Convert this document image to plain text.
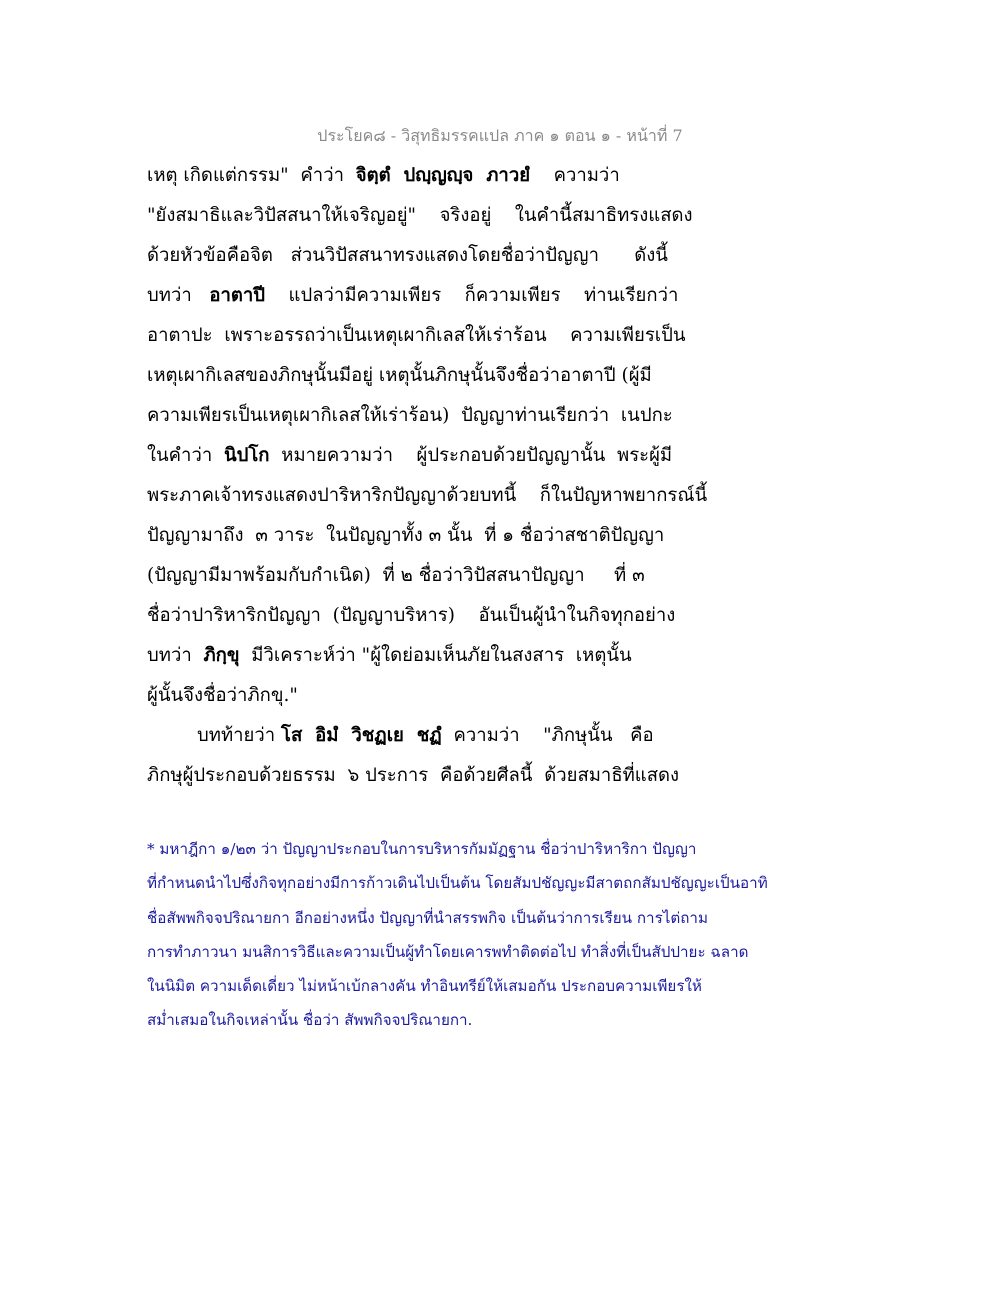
ประโยค๘ - วิสุทธิมรรคแปล ภาค ๑ ตอน ๑ - หน้าที่ 7
เหตุ เกิดแต่กรรม"  คำว่า จิตฺตํ  ปญฺญญฺจ  ภาวยํ ความว่า
"ยังสมาธิและวิปัสสนาให้เจริญอยู่"    จริงอยู่    ในคำนี้สมาธิทรงแสดง
ด้วยหัวข้อคือจิต   ส่วนวิปัสสนาทรงแสดงโดยชื่อว่าปัญญา      ดังนี้
บทว่า อาตาปี แปลว่ามีความเพียร    ก็ความเพียร    ท่านเรียกว่า
อาตาปะ  เพราะอรรถว่าเป็นเหตุเผากิเลสให้เร่าร้อน    ความเพียรเป็น
เหตุเผากิเลสของภิกษุนั้นมีอยู่ เหตุนั้นภิกษุนั้นจึงชื่อว่าอาตาปี (ผู้มี
ความเพียรเป็นเหตุเผากิเลสให้เร่าร้อน)  ปัญญาท่านเรียกว่า  เนปกะ
ในคำว่า นิปโก หมายความว่า    ผู้ประกอบด้วยปัญญานั้น  พระผู้มี
พระภาคเจ้าทรงแสดงปาริหาริกปัญญาด้วยบทนี้    ก็ในปัญหาพยากรณ์นี้
ปัญญามาถึง  ๓ วาระ  ในปัญญาทั้ง ๓ นั้น  ที่ ๑ ชื่อว่าสชาติปัญญา
(ปัญญามีมาพร้อมกับกำเนิด)  ที่ ๒ ชื่อว่าวิปัสสนาปัญญา     ที่ ๓
ชื่อว่าปาริหาริกปัญญา  (ปัญญาบริหาร)    อันเป็นผู้นำในกิจทุกอย่าง
บทว่า ภิกฺขุ มีวิเคราะห์ว่า "ผู้ใดย่อมเห็นภัยในสงสาร  เหตุนั้น
ผู้นั้นจึงชื่อว่าภิกขุ."
บทท้ายว่า โส  อิมํ  วิชฏเย  ชฏํ ความว่า    "ภิกษุนั้น   คือ
ภิกษุผู้ประกอบด้วยธรรม  ๖ ประการ  คือด้วยศีลนี้  ด้วยสมาธิที่แสดง
* มหาฎีกา ๑/๒๓ ว่า ปัญญาประกอบในการบริหารกัมมัฏฐาน ชื่อว่าปาริหาริกา ปัญญา
ที่กำหนดนำไปซึ่งกิจทุกอย่างมีการก้าวเดินไปเป็นต้น โดยสัมปชัญญะมีสาตถกสัมปชัญญะเป็นอาทิ
ชื่อสัพพกิจจปริณายกา อีกอย่างหนึ่ง ปัญญาที่นำสรรพกิจ เป็นต้นว่าการเรียน การไต่ถาม
การทำภาวนา มนสิการวิธีและความเป็นผู้ทำโดยเคารพทำติดต่อไป ทำสิ่งที่เป็นสัปปายะ ฉลาด
ในนิมิต ความเด็ดเดี่ยว ไม่หน้าเบ้กลางคัน ทำอินทรีย์ให้เสมอกัน ประกอบความเพียรให้
สม่ำเสมอในกิจเหล่านั้น ชื่อว่า สัพพกิจจปริณายกา.
